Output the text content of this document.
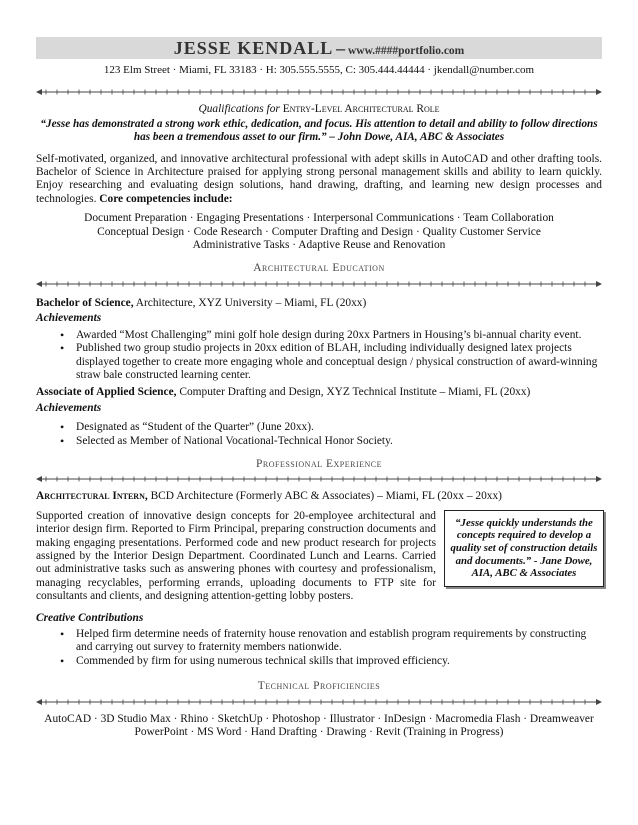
JESSE KENDALL – www.####portfolio.com
123 Elm Street · Miami, FL 33183 · H: 305.555.5555, C: 305.444.44444 · jkendall@number.com
Qualifications for Entry-Level Architectural Role
“Jesse has demonstrated a strong work ethic, dedication, and focus. His attention to detail and ability to follow directions has been a tremendous asset to our firm.” – John Dowe, AIA, ABC & Associates
Self-motivated, organized, and innovative architectural professional with adept skills in AutoCAD and other drafting tools. Bachelor of Science in Architecture praised for applying strong personal management skills and ability to learn quickly. Enjoy researching and evaluating design solutions, hand drawing, drafting, and learning new design processes and technologies. Core competencies include:
Document Preparation · Engaging Presentations · Interpersonal Communications · Team Collaboration
Conceptual Design · Code Research · Computer Drafting and Design · Quality Customer Service
Administrative Tasks · Adaptive Reuse and Renovation
Architectural Education
Bachelor of Science, Architecture, XYZ University – Miami, FL (20xx)
Achievements
• Awarded “Most Challenging” mini golf hole design during 20xx Partners in Housing’s bi-annual charity event.
• Published two group studio projects in 20xx edition of BLAH, including individually designed latex projects displayed together to create more engaging whole and conceptual design / physical construction of award-winning straw bale constructed learning center.
Associate of Applied Science, Computer Drafting and Design, XYZ Technical Institute – Miami, FL (20xx)
Achievements
• Designated as “Student of the Quarter” (June 20xx).
• Selected as Member of National Vocational-Technical Honor Society.
Professional Experience
Architectural Intern, BCD Architecture (Formerly ABC & Associates) – Miami, FL (20xx – 20xx)
Supported creation of innovative design concepts for 20-employee architectural and interior design firm. Reported to Firm Principal, preparing construction documents and making engaging presentations. Performed code and new product research for projects assigned by the Interior Design Department. Coordinated Lunch and Learns. Carried out administrative tasks such as answering phones with courtesy and professionalism, managing recyclables, performing errands, uploading documents to FTP site for consultants and clients, and designing attention-getting lobby posters.
“Jesse quickly understands the concepts required to develop a quality set of construction details and documents.” - Jane Dowe, AIA, ABC & Associates
Creative Contributions
• Helped firm determine needs of fraternity house renovation and establish program requirements by constructing and carrying out survey to fraternity members nationwide.
• Commended by firm for using numerous technical skills that improved efficiency.
Technical Proficiencies
AutoCAD · 3D Studio Max · Rhino · SketchUp · Photoshop · Illustrator · InDesign · Macromedia Flash · Dreamweaver
PowerPoint · MS Word · Hand Drafting · Drawing · Revit (Training in Progress)
